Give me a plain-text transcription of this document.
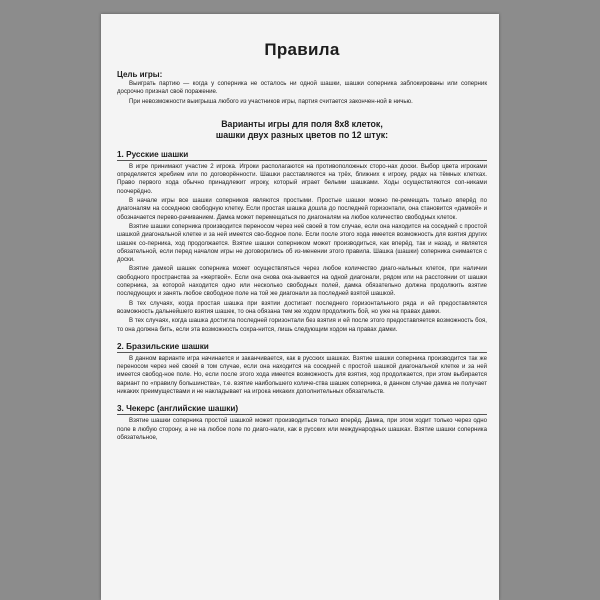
Правила
Цель игры:

Выиграть партию — когда у соперника не осталось ни одной шашки, шашки соперника заблокированы или соперник досрочно признал своё поражение.

При невозможности выигрыша любого из участников игры, партия считается закончен-ной в ничью.

Варианты игры для поля 8х8 клеток,
шашки двух разных цветов по 12 штук:
1. Русские шашки

В игре принимают участие 2 игрока. Игроки располагаются на противоположных сторо-нах доски. Выбор цвета игроками определяется жребием или по договорённости. Шашки расставляются на трёх, ближних к игроку, рядах на тёмных клетках. Право первого хода обычно принадлежит игроку, который играет белыми шашками. Ходы осуществляются соп-никами поочерёдно.

В начале игры все шашки соперников являются простыми. Простые шашки можно пе-ремещать только вперёд по диагоналям на соседнюю свободную клетку. Если простая шашка дошла до последней горизонтали, она становится «дамкой» и обозначается перево-рачиванием. Дамка может перемещаться по диагоналям на любое количество свободных клеток.

Взятие шашки соперника производится переносом через неё своей в том случае, если она находится на соседней с простой шашкой диагональной клетке и за ней имеется сво-бодное поле. Если после этого хода имеется возможность для взятия других шашек со-перника, ход продолжается. Взятие шашки соперником может производиться, как вперёд, так и назад, и является обязательной, если перед началом игры не договорились об из-менении этого правила. Шашка (шашки) соперника снимается с доски.

Взятие дамкой шашек соперника может осуществляться через любое количество диаго-нальных клеток, при наличии свободного пространства за «жертвой». Если она снова ока-зывается на одной диагонали, рядом или на расстоянии от шашки соперника, за которой находится одно или несколько свободных полей, дамка обязательно должна продолжить взятие последующих и занять любое свободное поле на той же диагонали за последней взятой шашкой.

В тех случаях, когда простая шашка при взятии достигает последнего горизонтального ряда и ей предоставляется возможность дальнейшего взятия шашек, то она обязана тем же ходом продолжить бой, но уже на правах дамки.

В тех случаях, когда шашка достигла последней горизонтали без взятия и ей после этого предоставляется возможность боя, то она должна бить, если эта возможность сохра-нится, лишь следующим ходом на правах дамки.

2. Бразильские шашки

В данном варианте игра начинается и заканчивается, как в русских шашках. Взятие шашки соперника производится так же переносом через неё своей в том случае, если она находится на соседней с простой шашкой диагональной клетке и за ней имеется свобод-ное поле. Но, если после этого хода имеется возможность для взятия, ход продолжается, при этом выбирается вариант по «правилу большинства», т.е. взятие наибольшего количе-ства шашек соперника, в данном случае дамка не получает никаких преимуществами и не накладывает на игрока никаких дополнительных обязательств.

3. Чекерс (английские шашки)

Взятие шашки соперника простой шашкой может производиться только вперёд. Дамка, при этом ходит только через одно поле в любую сторону, а не на любое поле по диаго-нали, как в русских или международных шашках. Взятие шашки соперника обязательное,
